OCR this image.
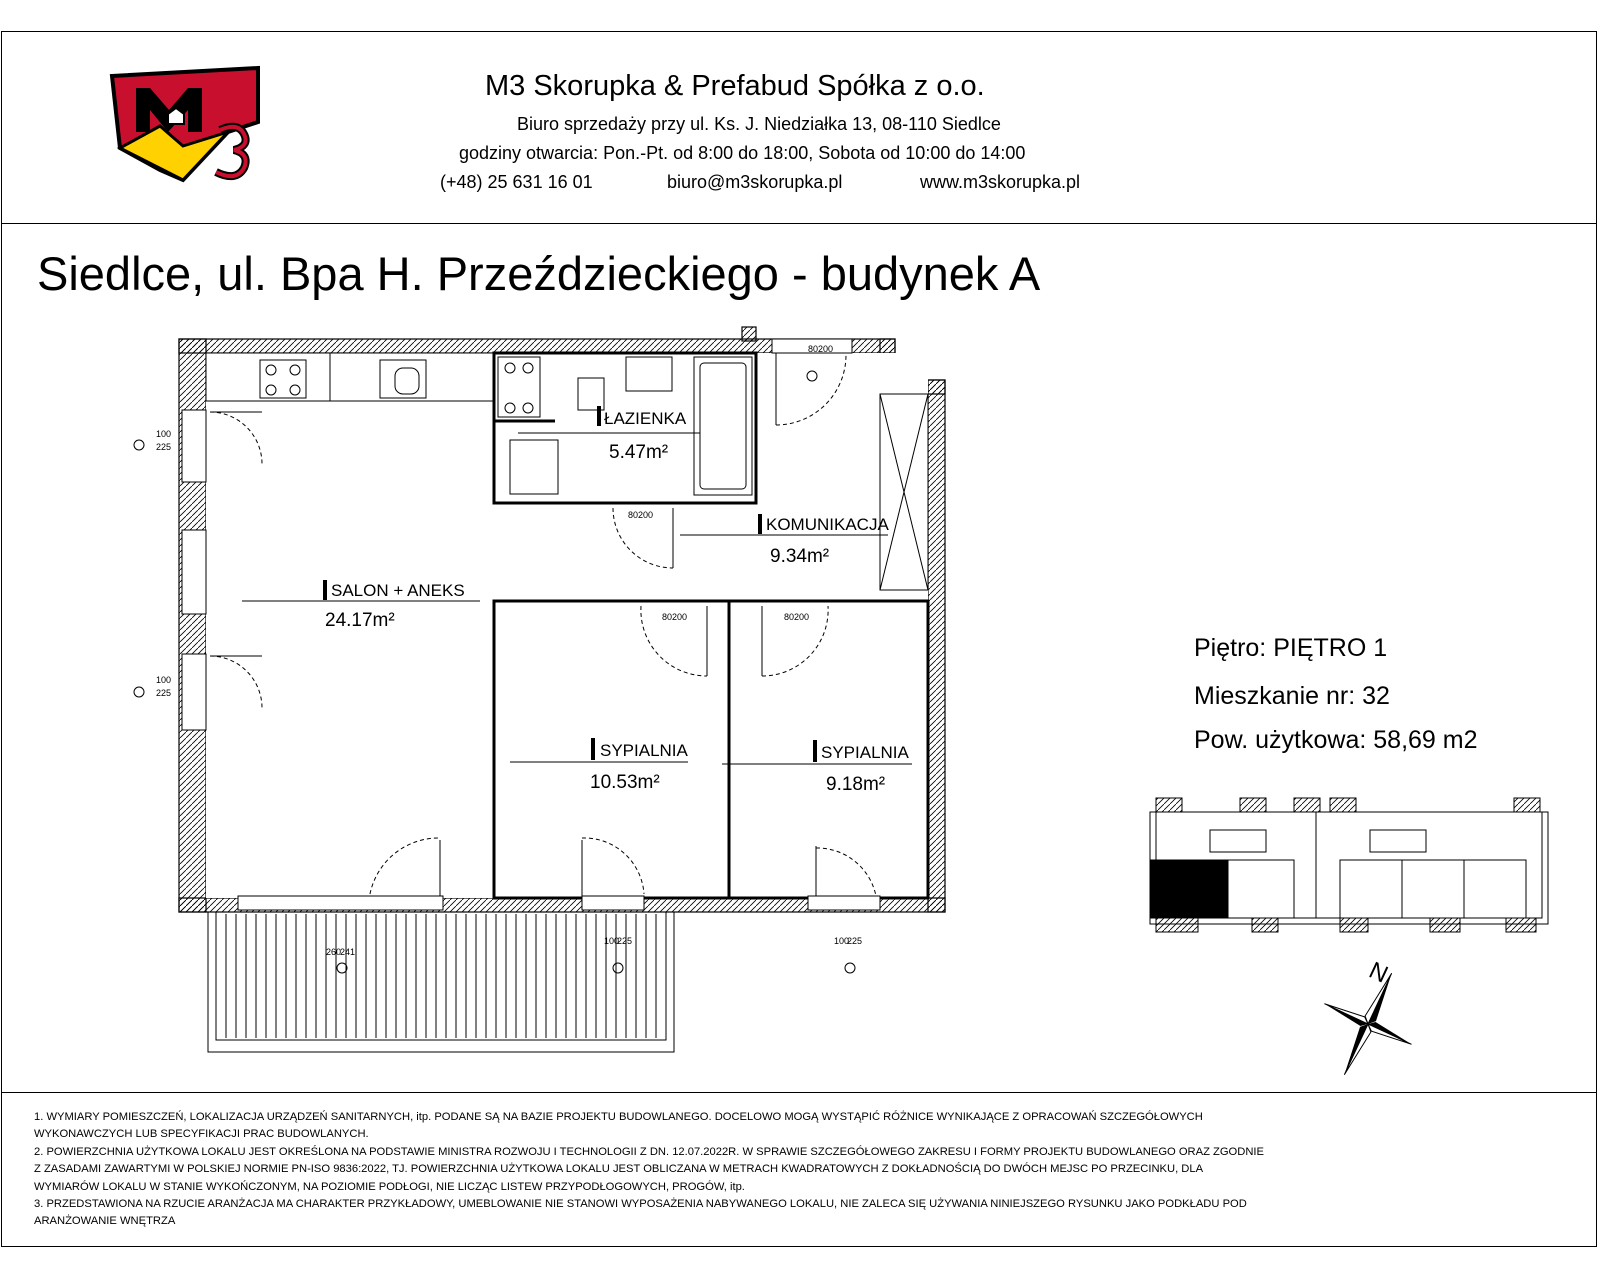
M3 Skorupka & Prefabud Spółka z o.o.
Biuro sprzedaży przy ul. Ks. J. Niedziałka 13, 08-110 Siedlce
godziny otwarcia: Pon.-Pt. od 8:00 do 18:00, Sobota od 10:00 do 14:00
(+48) 25 631 16 01	biuro@m3skorupka.pl	www.m3skorupka.pl
Siedlce, ul. Bpa H. Przeździeckiego - budynek A
Piętro: PIĘTRO 1
Mieszkanie nr: 32
Pow. użytkowa: 58,69 m2
ŁAZIENKA
5.47m²
KOMUNIKACJA
9.34m²
SALON + ANEKS
24.17m²
SYPIALNIA
10.53m²
SYPIALNIA
9.18m²
100
225
100
225
260
241
100
225	100
225
80 200
80 200	80 200
80 200
N
1. WYMIARY POMIESZCZEŃ, LOKALIZACJA URZĄDZEŃ SANITARNYCH, itp. PODANE SĄ NA BAZIE PROJEKTU BUDOWLANEGO. DOCELOWO MOGĄ WYSTĄPIĆ RÓŻNICE WYNIKAJĄCE Z OPRACOWAŃ SZCZEGÓŁOWYCH
WYKONAWCZYCH LUB SPECYFIKACJI PRAC BUDOWLANYCH.
2. POWIERZCHNIA UŻYTKOWA LOKALU JEST OKREŚLONA NA PODSTAWIE MINISTRA ROZWOJU I TECHNOLOGII Z DN. 12.07.2022R. W SPRAWIE SZCZEGÓŁOWEGO ZAKRESU I FORMY PROJEKTU BUDOWLANEGO ORAZ ZGODNIE
Z ZASADAMI ZAWARTYMI W POLSKIEJ NORMIE PN-ISO 9836:2022, TJ. POWIERZCHNIA UŻYTKOWA LOKALU JEST OBLICZANA W METRACH KWADRATOWYCH Z DOKŁADNOŚCIĄ DO DWÓCH MEJSC PO PRZECINKU, DLA
WYMIARÓW LOKALU W STANIE WYKOŃCZONYM, NA POZIOMIE PODŁOGI, NIE LICZĄC LISTEW PRZYPODŁOGOWYCH, PROGÓW, itp.
3. PRZEDSTAWIONA NA RZUCIE ARANŻACJA MA CHARAKTER PRZYKŁADOWY, UMEBLOWANIE NIE STANOWI WYPOSAŻENIA NABYWANEGO LOKALU, NIE ZALECA SIĘ UŻYWANIA NINIEJSZEGO RYSUNKU JAKO PODKŁADU POD
ARANŻOWANIE WNĘTRZA
